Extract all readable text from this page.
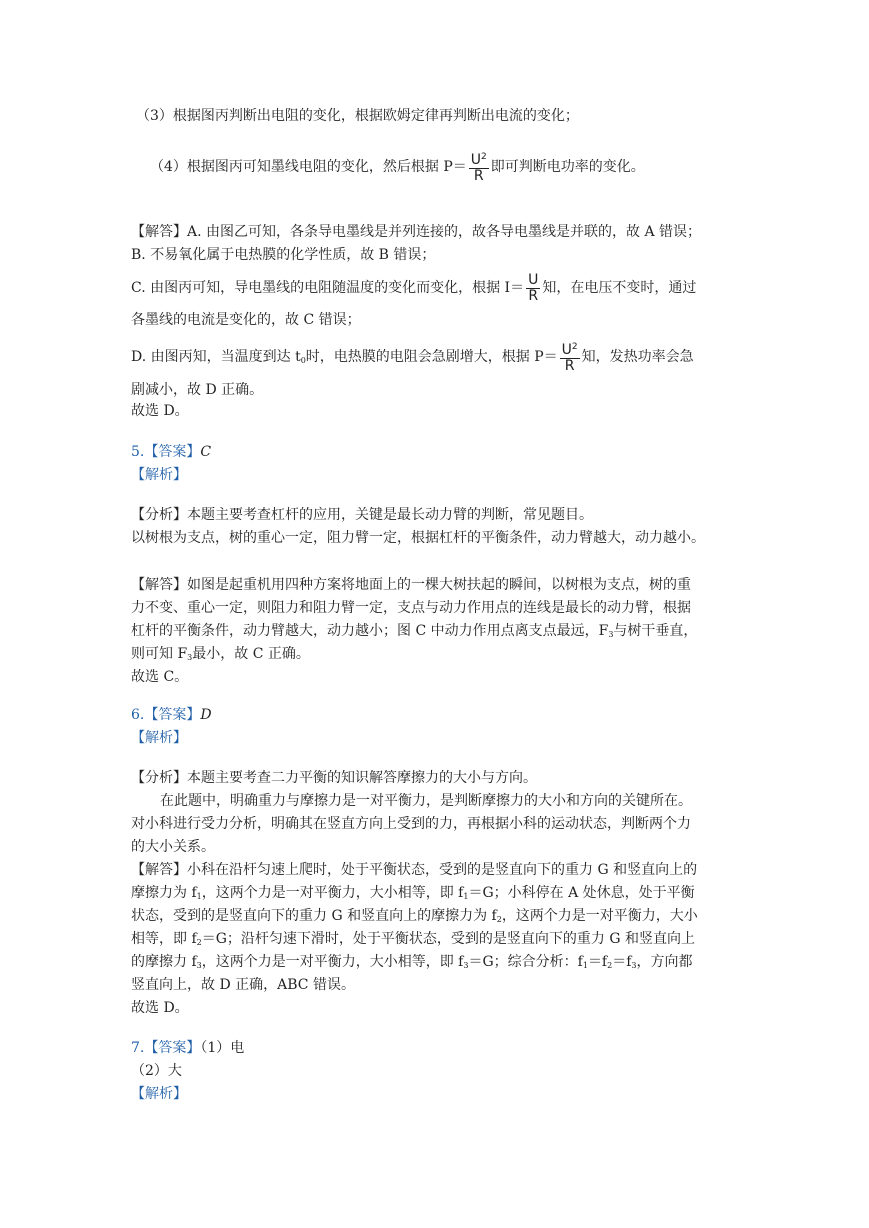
（3）根据图丙判断出电阻的变化，根据欧姆定律再判断出电流的变化；
（4）根据图丙可知墨线电阻的变化，然后根据 $P= \frac{U^2}{R}$ 即可判断电功率的变化。
【解答】A. 由图乙可知，各条导电墨线是并列连接的，故各导电墨线是并联的，故 A 错误；
B. 不易氧化属于电热膜的化学性质，故 B 错误；
C. 由图丙可知，导电墨线的电阻随温度的变化而变化，根据 $I= \frac{U}{R}$ 知，在电压不变时，通过
各墨线的电流是变化的，故 C 错误；
D. 由图丙知，当温度到达 $t_0$时，电热膜的电阻会急剧增大，根据 $P= \frac{U^2}{R}$ 知，发热功率会急
剧减小，故 D 正确。
故选 D。
5.【答案】C
【解析】
【分析】本题主要考查杠杆的应用，关键是最长动力臂的判断，常见题目。
以树根为支点，树的重心一定，阻力臂一定，根据杠杆的平衡条件，动力臂越大，动力越小。
【解答】如图是起重机用四种方案将地面上的一棵大树扶起的瞬间，以树根为支点，树的重
力不变、重心一定，则阻力和阻力臂一定，支点与动力作用点的连线是最长的动力臂，根据
杠杆的平衡条件，动力臂越大，动力越小；图 C 中动力作用点离支点最远，$F_3$与树干垂直，
则可知 $F_3$最小，故 C 正确。
故选 C。
6.【答案】D
【解析】
【分析】本题主要考查二力平衡的知识解答摩擦力的大小与方向。
在此题中，明确重力与摩擦力是一对平衡力，是判断摩擦力的大小和方向的关键所在。
对小科进行受力分析，明确其在竖直方向上受到的力，再根据小科的运动状态，判断两个力
的大小关系。
【解答】小科在沿杆匀速上爬时，处于平衡状态，受到的是竖直向下的重力 G 和竖直向上的
摩擦力为 $f_1$，这两个力是一对平衡力，大小相等，即 $f_1=G$；小科停在 A 处休息，处于平衡
状态，受到的是竖直向下的重力 G 和竖直向上的摩擦力为 $f_2$，这两个力是一对平衡力，大小
相等，即 $f_2=G$；沿杆匀速下滑时，处于平衡状态，受到的是竖直向下的重力 G 和竖直向上
的摩擦力 $f_3$，这两个力是一对平衡力，大小相等，即 $f_3=G$；综合分析：$f_1=f_2=f_3$，方向都
竖直向上，故 D 正确，ABC 错误。
故选 D。
7.【答案】（1）电
（2）大
【解析】
